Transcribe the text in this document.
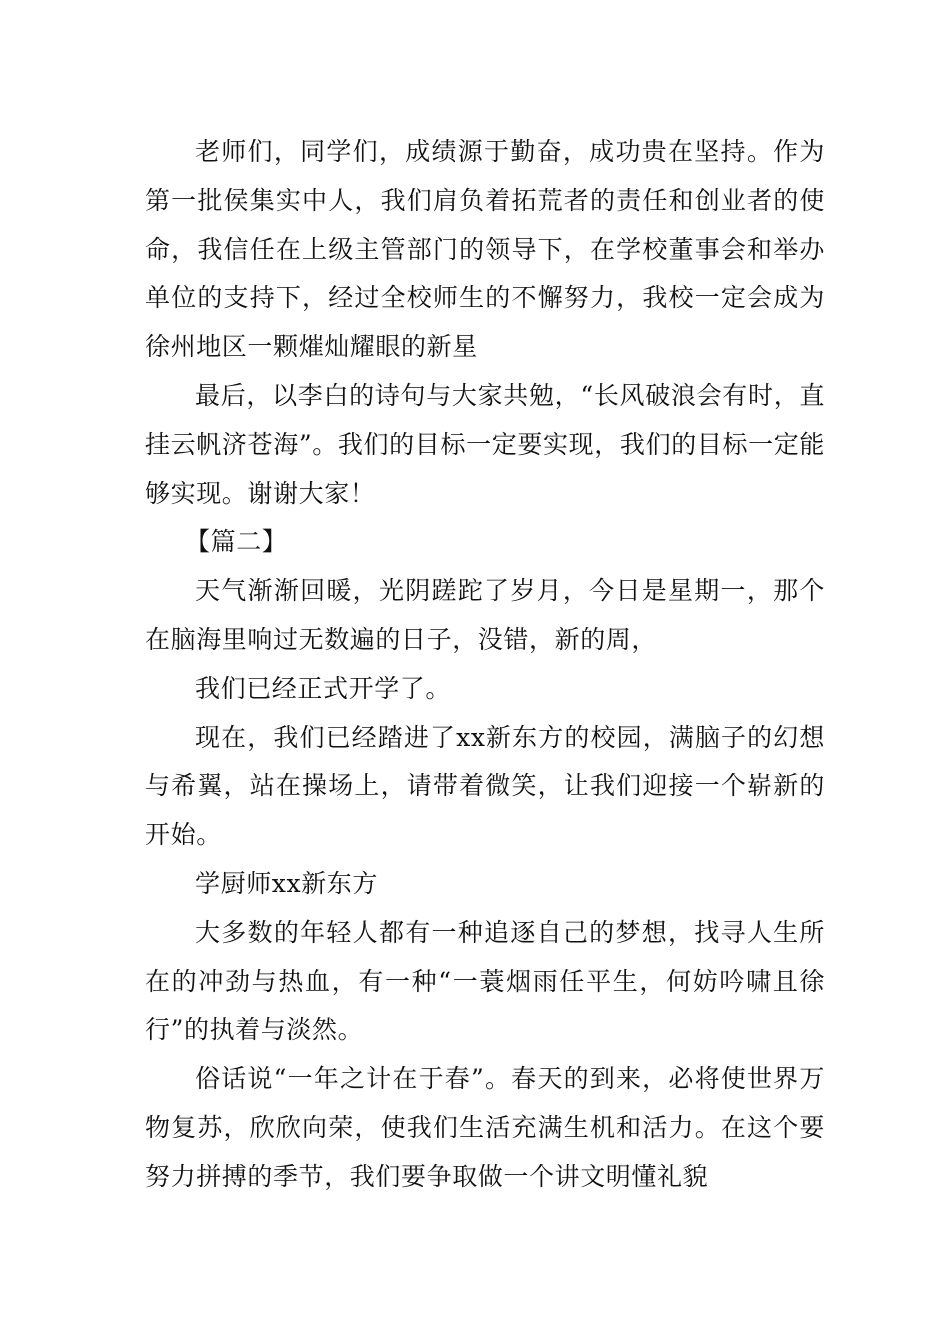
老师们，同学们，成绩源于勤奋，成功贵在坚持。作为第一批侯集实中人，我们肩负着拓荒者的责任和创业者的使命，我信任在上级主管部门的领导下，在学校董事会和举办单位的支持下，经过全校师生的不懈努力，我校一定会成为徐州地区一颗熣灿耀眼的新星

最后，以李白的诗句与大家共勉，“长风破浪会有时，直挂云帆济苍海”。我们的目标一定要实现，我们的目标一定能够实现。谢谢大家！

【篇二】

天气渐渐回暖，光阴蹉跎了岁月，今日是星期一，那个在脑海里响过无数遍的日子，没错，新的周，

我们已经正式开学了。

现在，我们已经踏进了xx新东方的校园，满脑子的幻想与希翼，站在操场上，请带着微笑，让我们迎接一个崭新的开始。

学厨师xx新东方

大多数的年轻人都有一种追逐自己的梦想，找寻人生所在的冲劲与热血，有一种“一蓑烟雨任平生，何妨吟啸且徐行”的执着与淡然。

俗话说“一年之计在于春”。春天的到来，必将使世界万物复苏，欣欣向荣，使我们生活充满生机和活力。在这个要努力拼搏的季节，我们要争取做一个讲文明懂礼貌
